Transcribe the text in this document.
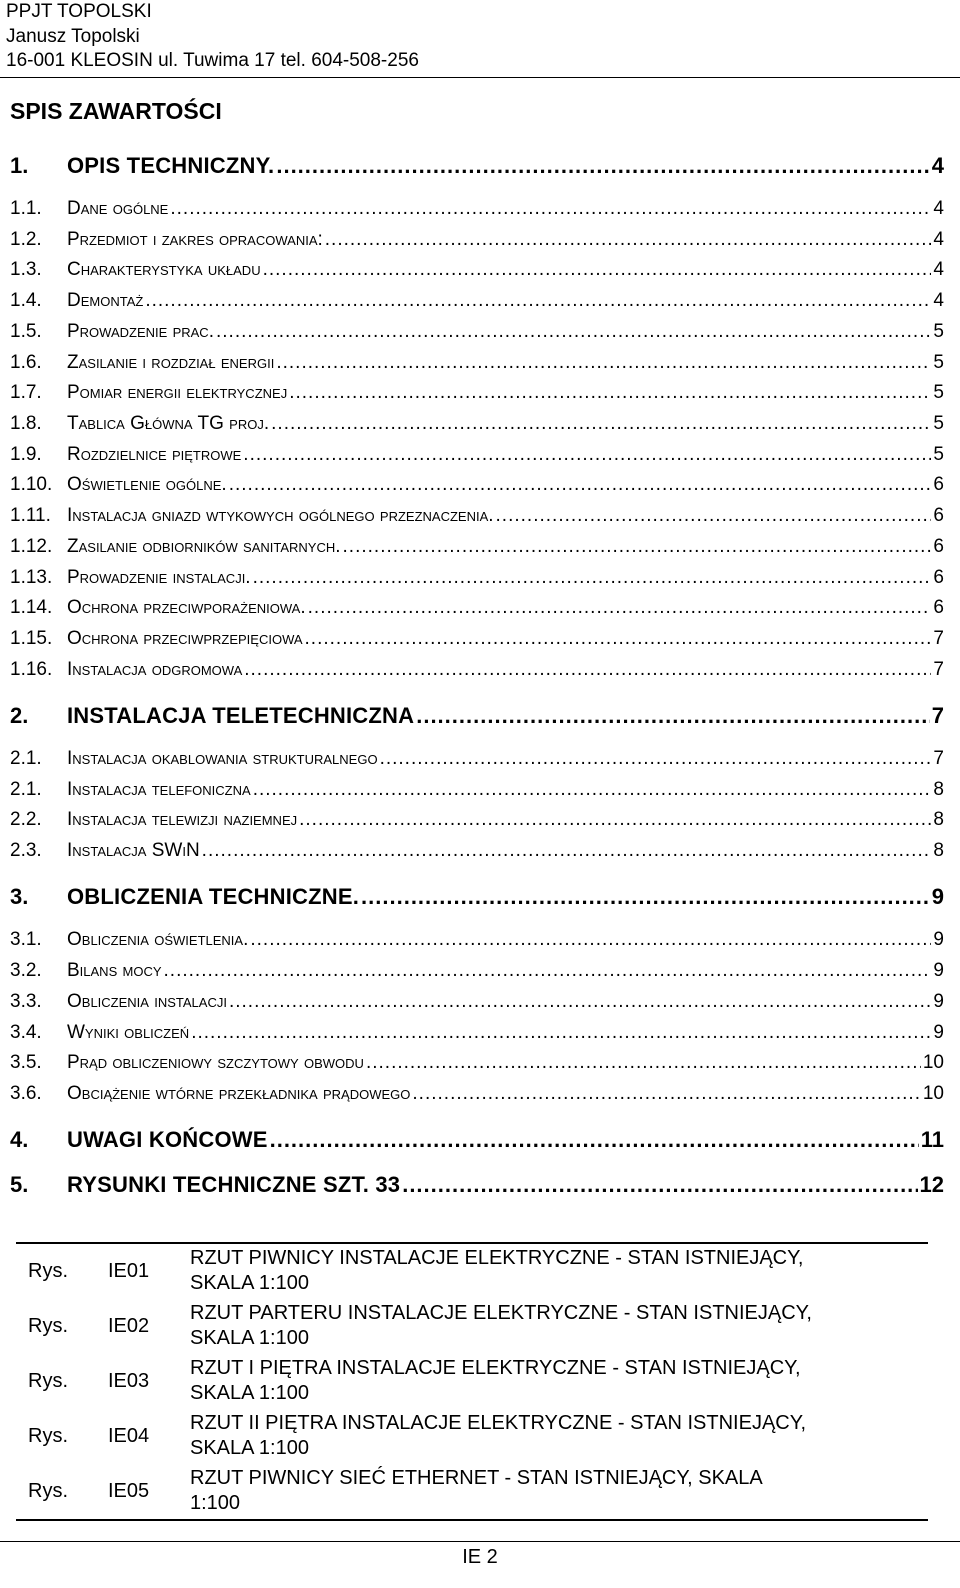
PPJT TOPOLSKI
Janusz Topolski
16-001 KLEOSIN ul. Tuwima 17 tel. 604-508-256
SPIS ZAWARTOŚCI
1.	OPIS TECHNICZNY. .....	4
1.1.	Dane ogólne .....	4
1.2.	Przedmiot i zakres opracowania: .....	4
1.3.	Charakterystyka układu .....	4
1.4.	Demontaż .....	4
1.5.	Prowadzenie prac. .....	5
1.6.	Zasilanie i rozdział energii .....	5
1.7.	Pomiar energii elektrycznej .....	5
1.8.	Tablica Główna TG proj. .....	5
1.9.	Rozdzielnice piętrowe .....	5
1.10. Oświetlenie ogólne. .....	6
1.11. Instalacja gniazd wtykowych ogólnego przeznaczenia. .....	6
1.12. Zasilanie odbiorników sanitarnych. .....	6
1.13. Prowadzenie instalacji. .....	6
1.14. Ochrona przeciwporażeniowa. .....	6
1.15. Ochrona przeciwprzepięciowa .....	7
1.16. Instalacja odgromowa .....	7
2.	INSTALACJA TELETECHNICZNA .....	7
2.1.	Instalacja okablowania strukturalnego .....	7
2.1.	Instalacja telefoniczna .....	8
2.2.	Instalacja telewizji naziemnej .....	8
2.3.	Instalacja SWiN .....	8
3.	OBLICZENIA TECHNICZNE. .....	9
3.1.	Obliczenia oświetlenia. .....	9
3.2.	Bilans mocy .....	9
3.3.	Obliczenia instalacji .....	9
3.4.	Wyniki obliczeń .....	9
3.5.	Prąd obliczeniowy szczytowy obwodu .....	10
3.6.	Obciążenie wtórne przekładnika prądowego .....	10
4.	UWAGI KOŃCOWE .....	11
5.	RYSUNKI TECHNICZNE SZT. 33 .....	12
Rys.	IE01	RZUT PIWNICY INSTALACJE ELEKTRYCZNE - STAN ISTNIEJĄCY,
SKALA 1:100

Rys.	IE02	RZUT PARTERU INSTALACJE ELEKTRYCZNE - STAN ISTNIEJĄCY,
SKALA 1:100

Rys.	IE03	RZUT I PIĘTRA INSTALACJE ELEKTRYCZNE - STAN ISTNIEJĄCY,
SKALA 1:100

Rys.	IE04	RZUT II PIĘTRA INSTALACJE ELEKTRYCZNE - STAN ISTNIEJĄCY,
SKALA 1:100

Rys.	IE05	RZUT PIWNICY SIEĆ ETHERNET - STAN ISTNIEJĄCY, SKALA
1:100
IE 2
